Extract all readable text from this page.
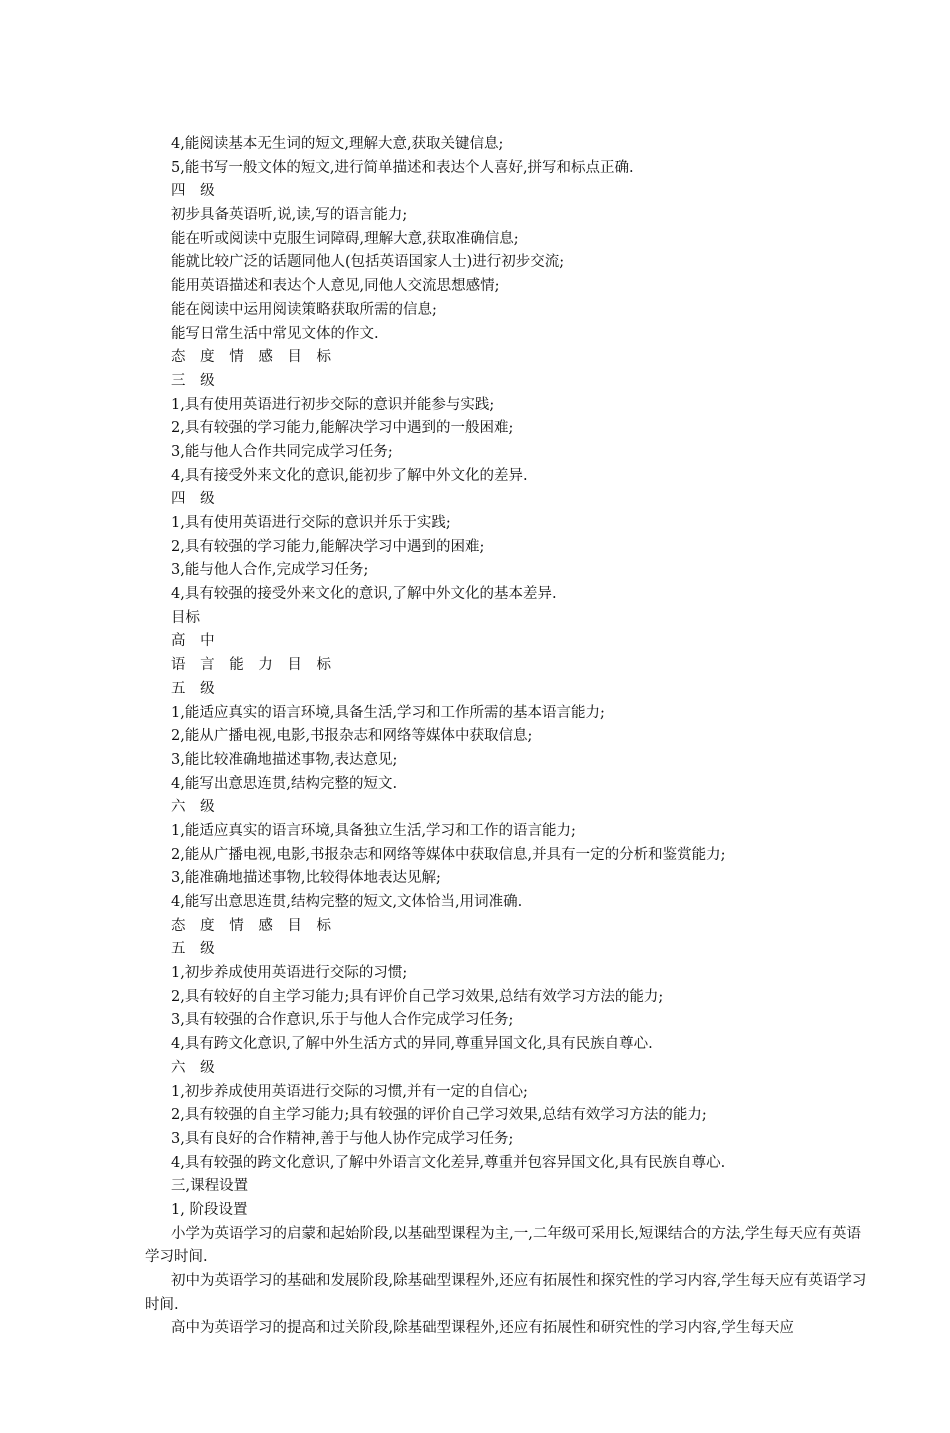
4,能阅读基本无生词的短文,理解大意,获取关键信息;
5,能书写一般文体的短文,进行简单描述和表达个人喜好,拼写和标点正确.
四 级
初步具备英语听,说,读,写的语言能力;
能在听或阅读中克服生词障碍,理解大意,获取准确信息;
能就比较广泛的话题同他人(包括英语国家人士)进行初步交流;
能用英语描述和表达个人意见,同他人交流思想感情;
能在阅读中运用阅读策略获取所需的信息;
能写日常生活中常见文体的作文.
态 度 情 感 目 标
三 级
1,具有使用英语进行初步交际的意识并能参与实践;
2,具有较强的学习能力,能解决学习中遇到的一般困难;
3,能与他人合作共同完成学习任务;
4,具有接受外来文化的意识,能初步了解中外文化的差异.
四 级
1,具有使用英语进行交际的意识并乐于实践;
2,具有较强的学习能力,能解决学习中遇到的困难;
3,能与他人合作,完成学习任务;
4,具有较强的接受外来文化的意识,了解中外文化的基本差异.
目标
高 中
语 言 能 力 目 标
五 级
1,能适应真实的语言环境,具备生活,学习和工作所需的基本语言能力;
2,能从广播电视,电影,书报杂志和网络等媒体中获取信息;
3,能比较准确地描述事物,表达意见;
4,能写出意思连贯,结构完整的短文.
六 级
1,能适应真实的语言环境,具备独立生活,学习和工作的语言能力;
2,能从广播电视,电影,书报杂志和网络等媒体中获取信息,并具有一定的分析和鉴赏能力;
3,能准确地描述事物,比较得体地表达见解;
4,能写出意思连贯,结构完整的短文,文体恰当,用词准确.
态 度 情 感 目 标
五 级
1,初步养成使用英语进行交际的习惯;
2,具有较好的自主学习能力;具有评价自己学习效果,总结有效学习方法的能力;
3,具有较强的合作意识,乐于与他人合作完成学习任务;
4,具有跨文化意识,了解中外生活方式的异同,尊重异国文化,具有民族自尊心.
六 级
1,初步养成使用英语进行交际的习惯,并有一定的自信心;
2,具有较强的自主学习能力;具有较强的评价自己学习效果,总结有效学习方法的能力;
3,具有良好的合作精神,善于与他人协作完成学习任务;
4,具有较强的跨文化意识,了解中外语言文化差异,尊重并包容异国文化,具有民族自尊心.
三,课程设置
1, 阶段设置

小学为英语学习的启蒙和起始阶段,以基础型课程为主,一,二年级可采用长,短课结合的方法,学生每天应有英语学习时间.

初中为英语学习的基础和发展阶段,除基础型课程外,还应有拓展性和探究性的学习内容,学生每天应有英语学习时间.

高中为英语学习的提高和过关阶段,除基础型课程外,还应有拓展性和研究性的学习内容,学生每天应
